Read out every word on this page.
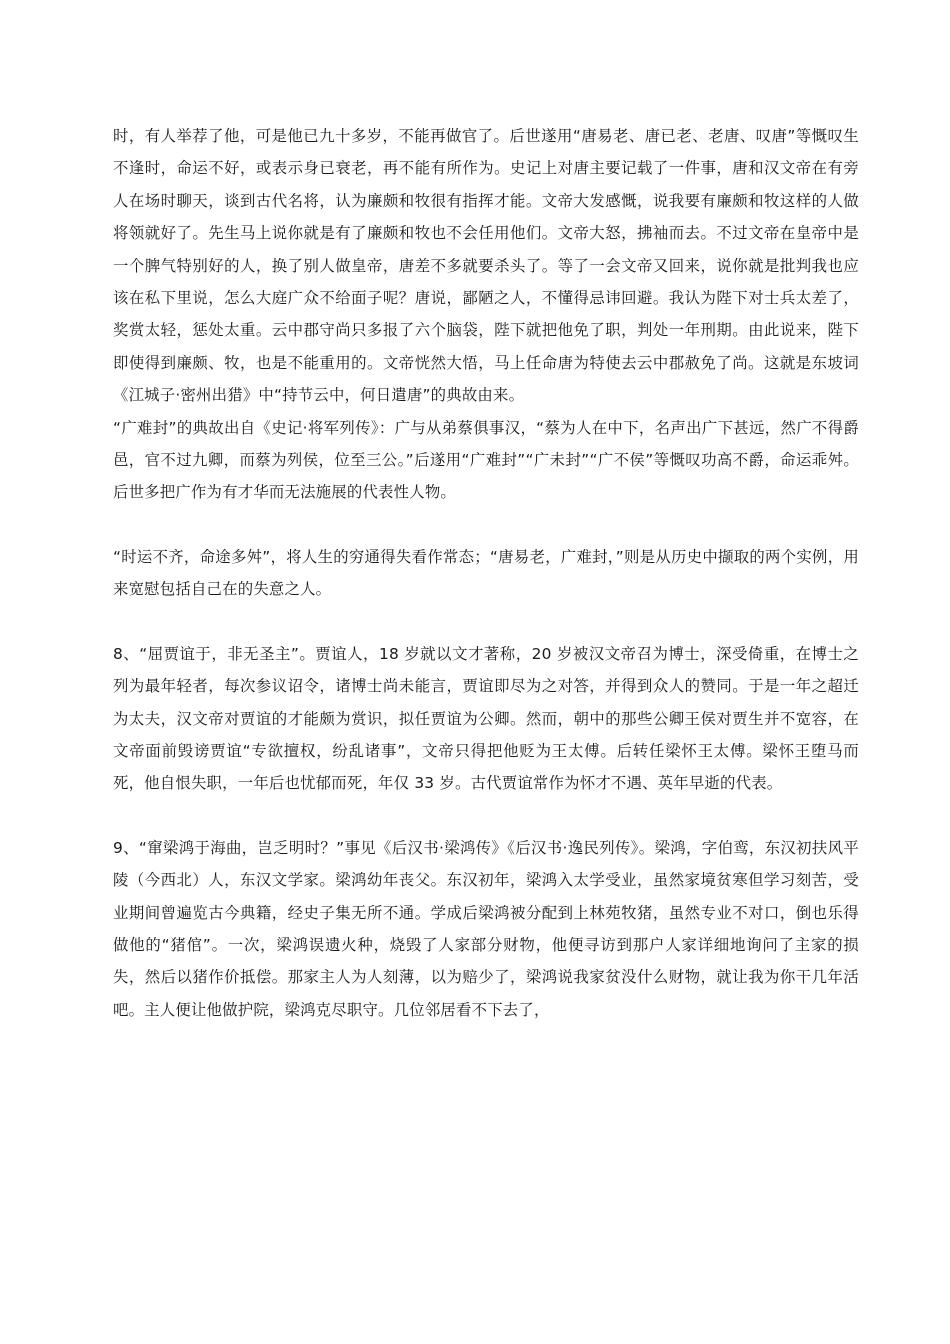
时，有人举荐了他，可是他已九十多岁，不能再做官了。后世遂用“唐易老、唐已老、老唐、叹唐”等慨叹生不逢时，命运不好，或表示身已衰老，再不能有所作为。史记上对唐主要记载了一件事，唐和汉文帝在有旁人在场时聊天，谈到古代名将，认为廉颇和牧很有指挥才能。文帝大发感慨，说我要有廉颇和牧这样的人做将领就好了。先生马上说你就是有了廉颇和牧也不会任用他们。文帝大怒，拂袖而去。不过文帝在皇帝中是一个脾气特别好的人，换了别人做皇帝，唐差不多就要杀头了。等了一会文帝又回来，说你就是批判我也应该在私下里说，怎么大庭广众不给面子呢？唐说，鄙陋之人，不懂得忌讳回避。我认为陛下对士兵太差了，奖赏太轻，惩处太重。云中郡守尚只多报了六个脑袋，陛下就把他免了职，判处一年刑期。由此说来，陛下即使得到廉颇、牧，也是不能重用的。文帝恍然大悟，马上任命唐为特使去云中郡赦免了尚。这就是东坡词《江城子·密州出猎》中“持节云中，何日遣唐”的典故由来。

“广难封”的典故出自《史记·将军列传》：广与从弟蔡俱事汉，“蔡为人在中下，名声出广下甚远，然广不得爵邑，官不过九卿，而蔡为列侯，位至三公。”后遂用“广难封”“广未封”“广不侯”等慨叹功高不爵，命运乖舛。 后世多把广作为有才华而无法施展的代表性人物。

“时运不齐，命途多舛”，将人生的穷通得失看作常态；“唐易老，广难封，”则是从历史中撷取的两个实例，用来宽慰包括自己在的失意之人。

8、“屈贾谊于，非无圣主”。贾谊人，18 岁就以文才著称，20 岁被汉文帝召为博士，深受倚重，在博士之列为最年轻者，每次参议诏令，诸博士尚未能言，贾谊即尽为之对答，并得到众人的赞同。于是一年之超迁为太夫，汉文帝对贾谊的才能颇为赏识，拟任贾谊为公卿。然而，朝中的那些公卿王侯对贾生并不宽容，在文帝面前毁谤贾谊“专欲擅权，纷乱诸事”，文帝只得把他贬为王太傅。后转任梁怀王太傅。梁怀王堕马而死，他自恨失职，一年后也忧郁而死，年仅 33 岁。古代贾谊常作为怀才不遇、英年早逝的代表。

9、“窜梁鸿于海曲，岂乏明时？”事见《后汉书·梁鸿传》《后汉书·逸民列传》。梁鸿，字伯鸾，东汉初扶风平陵（今西北）人，东汉文学家。梁鸿幼年丧父。东汉初年，梁鸿入太学受业，虽然家境贫寒但学习刻苦，受业期间曾遍览古今典籍，经史子集无所不通。学成后梁鸿被分配到上林苑牧猪，虽然专业不对口，倒也乐得做他的“猪倌”。一次，梁鸿误遗火种，烧毁了人家部分财物，他便寻访到那户人家详细地询问了主家的损失，然后以猪作价抵偿。那家主人为人刻薄，以为赔少了，梁鸿说我家贫没什么财物，就让我为你干几年活吧。主人便让他做护院，梁鸿克尽职守。几位邻居看不下去了，
